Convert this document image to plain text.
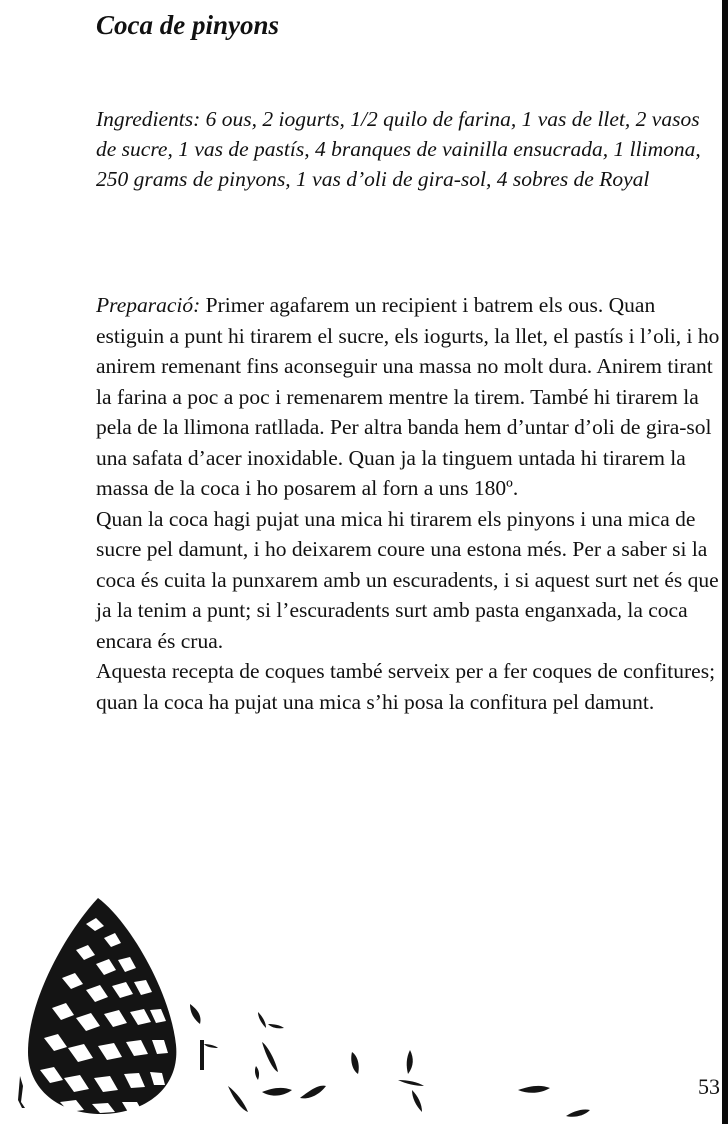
Coca de pinyons

Ingredients: 6 ous, 2 iogurts, 1/2 quilo de farina, 1 vas de llet, 2 vasos de sucre, 1 vas de pastís, 4 branques de vainilla ensucrada, 1 llimona, 250 grams de pinyons, 1 vas d’oli de gira-sol, 4 sobres de Royal

Preparació: Primer agafarem un recipient i batrem els ous. Quan estiguin a punt hi tirarem el sucre, els iogurts, la llet, el pastís i l’oli, i ho anirem remenant fins aconseguir una massa no molt dura. Anirem tirant la farina a poc a poc i remenarem mentre la tirem. També hi tirarem la pela de la llimona ratllada. Per altra banda hem d’untar d’oli de gira-sol una safata d’acer inoxidable. Quan ja la tinguem untada hi tirarem la massa de la coca i ho posarem al forn a uns 180º.

Quan la coca hagi pujat una mica hi tirarem els pinyons i una mica de sucre pel damunt, i ho deixarem coure una estona més. Per a saber si la coca és cuita la punxarem amb un escuradents, i si aquest surt net és que ja la tenim a punt; si l’escuradents surt amb pasta enganxada, la coca encara és crua.

Aquesta recepta de coques també serveix per a fer coques de confitures; quan la coca ha pujat una mica s’hi posa la confitura pel damunt.

53
